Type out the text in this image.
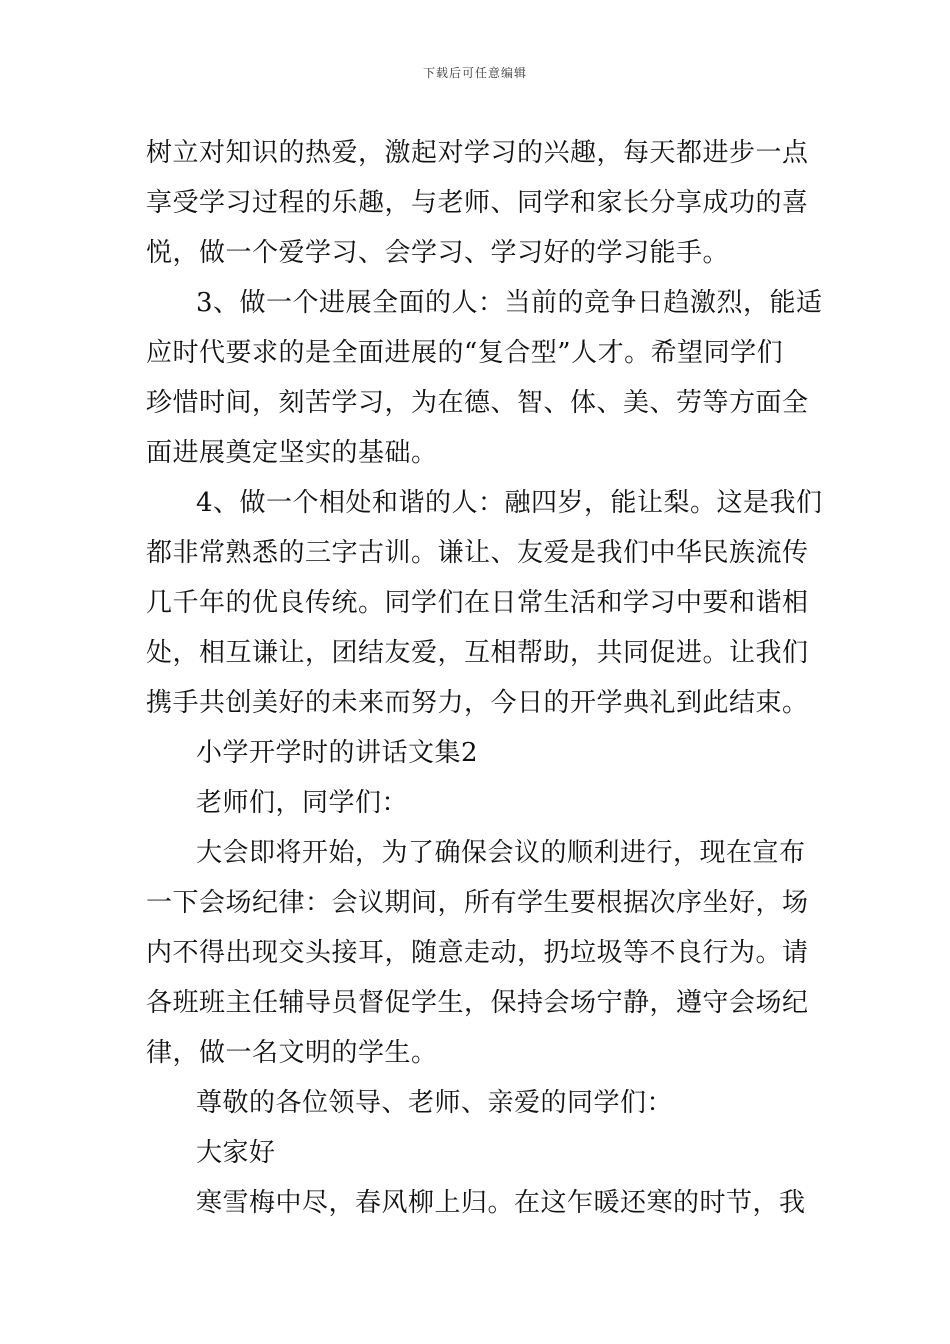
下载后可任意编辑
树立对知识的热爱，激起对学习的兴趣，每天都进步一点
享受学习过程的乐趣，与老师、同学和家长分享成功的喜
悦，做一个爱学习、会学习、学习好的学习能手。
3、做一个进展全面的人：当前的竞争日趋激烈，能适
应时代要求的是全面进展的“复合型”人才。希望同学们
珍惜时间，刻苦学习，为在德、智、体、美、劳等方面全
面进展奠定坚实的基础。
4、做一个相处和谐的人：融四岁，能让梨。这是我们
都非常熟悉的三字古训。谦让、友爱是我们中华民族流传
几千年的优良传统。同学们在日常生活和学习中要和谐相
处，相互谦让，团结友爱，互相帮助，共同促进。让我们
携手共创美好的未来而努力，今日的开学典礼到此结束。
小学开学时的讲话文集2
老师们，同学们：
大会即将开始，为了确保会议的顺利进行，现在宣布
一下会场纪律：会议期间，所有学生要根据次序坐好，场
内不得出现交头接耳，随意走动，扔垃圾等不良行为。请
各班班主任辅导员督促学生，保持会场宁静，遵守会场纪
律，做一名文明的学生。
尊敬的各位领导、老师、亲爱的同学们：
大家好
寒雪梅中尽，春风柳上归。在这乍暖还寒的时节，我
